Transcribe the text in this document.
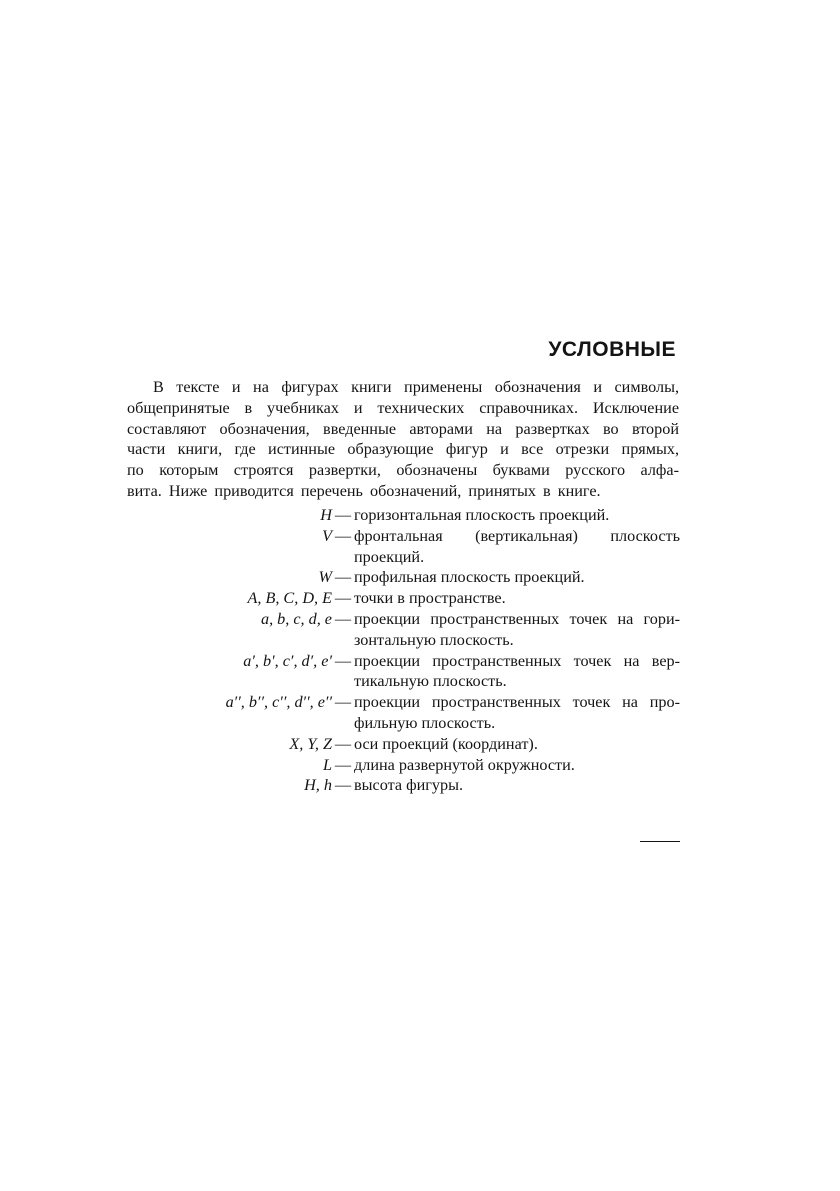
УСЛОВНЫЕ
В тексте и на фигурах книги применены обозначения и символы,
общепринятые в учебниках и технических справочниках. Исключение
составляют обозначения, введенные авторами на развертках во второй
части книги, где истинные образующие фигур и все отрезки прямых,
по которым строятся развертки, обозначены буквами русского алфа-
вита. Ниже приводится перечень обозначений, принятых в книге.
H — горизонтальная плоскость проекций.
V — фронтальная (вертикальная) плоскость
проекций.
W — профильная плоскость проекций.
A, B, C, D, E — точки в пространстве.
a, b, c, d, e — проекции пространственных точек на гори-
зонтальную плоскость.
a′, b′, c′, d′, e′ — проекции пространственных точек на вер-
тикальную плоскость.
a′′, b′′, c′′, d′′, e′′ — проекции пространственных точек на про-
фильную плоскость.
X, Y, Z — оси проекций (координат).
L — длина развернутой окружности.
H, h — высота фигуры.
